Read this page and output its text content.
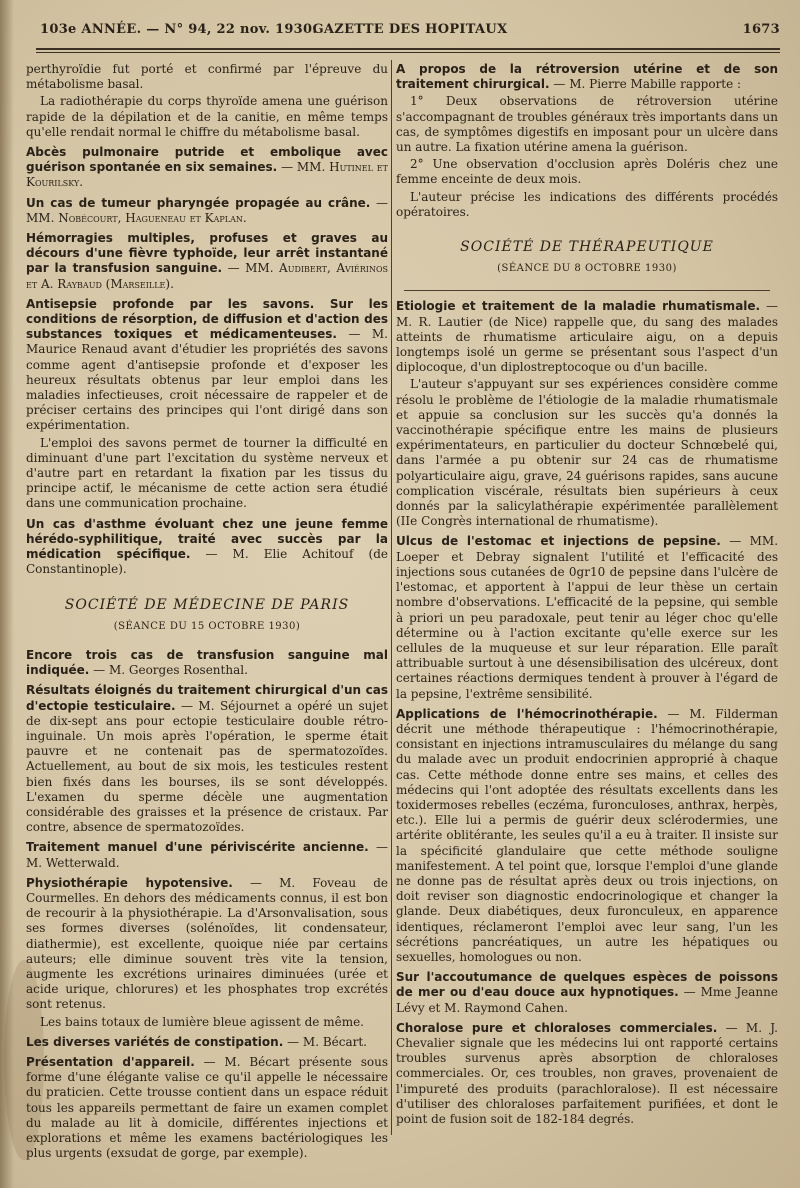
103e ANNÉE. — N° 94, 22 nov. 1930.
GAZETTE DES HOPITAUX	1673

perthyroïdie fut porté et confirmé par l'épreuve du métabolisme basal.

La radiothérapie du corps thyroïde amena une guérison rapide de la dépilation et de la canitie, en même temps qu'elle rendait normal le chiffre du métabolisme basal.

Abcès pulmonaire putride et embolique avec guérison spontanée en six semaines. — MM. Hutinel et Kourilsky.

Un cas de tumeur pharyngée propagée au crâne. — MM. Nobécourt, Hagueneau et Kaplan.

Hémorragies multiples, profuses et graves au décours d'une fièvre typhoïde, leur arrêt instantané par la transfusion sanguine. — MM. Audibert, Aviérinos et A. Raybaud (Marseille).

Antisepsie profonde par les savons. Sur les conditions de résorption, de diffusion et d'action des substances toxiques et médicamenteuses. — M. Maurice Renaud avant d'étudier les propriétés des savons comme agent d'antisepsie profonde et d'exposer les heureux résultats obtenus par leur emploi dans les maladies infectieuses, croit nécessaire de rappeler et de préciser certains des principes qui l'ont dirigé dans son expérimentation.

L'emploi des savons permet de tourner la difficulté en diminuant d'une part l'excitation du système nerveux et d'autre part en retardant la fixation par les tissus du principe actif, le mécanisme de cette action sera étudié dans une communication prochaine.

Un cas d'asthme évoluant chez une jeune femme hérédo-syphilitique, traité avec succès par la médication spécifique. — M. Elie Achitouf (de Constantinople).

SOCIÉTÉ DE MÉDECINE DE PARIS
(SÉANCE DU 15 OCTOBRE 1930)

Encore trois cas de transfusion sanguine mal indiquée. — M. Georges Rosenthal.

Résultats éloignés du traitement chirurgical d'un cas d'ectopie testiculaire. — M. Séjournet a opéré un sujet de dix-sept ans pour ectopie testiculaire double rétro-inguinale. Un mois après l'opération, le sperme était pauvre et ne contenait pas de spermatozoïdes. Actuellement, au bout de six mois, les testicules restent bien fixés dans les bourses, ils se sont développés. L'examen du sperme décèle une augmentation considérable des graisses et la présence de cristaux. Par contre, absence de spermatozoïdes.

Traitement manuel d'une périviscérite ancienne. — M. Wetterwald.

Physiothérapie hypotensive. — M. Foveau de Courmelles. En dehors des médicaments connus, il est bon de recourir à la physiothérapie. La d'Arsonvalisation, sous ses formes diverses (solénoïdes, lit condensateur, diathermie), est excellente, quoique niée par certains auteurs; elle diminue souvent très vite la tension, augmente les excrétions urinaires diminuées (urée et acide urique, chlorures) et les phosphates trop excrétés sont retenus.

Les bains totaux de lumière bleue agissent de même.

Les diverses variétés de constipation. — M. Bécart.

Présentation d'appareil. — M. Bécart présente sous forme d'une élégante valise ce qu'il appelle le nécessaire du praticien. Cette trousse contient dans un espace réduit tous les appareils permettant de faire un examen complet du malade au lit à domicile, différentes injections et explorations et même les examens bactériologiques les plus urgents (exsudat de gorge, par exemple).

A propos de la rétroversion utérine et de son traitement chirurgical. — M. Pierre Mabille rapporte :

1° Deux observations de rétroversion utérine s'accompagnant de troubles généraux très importants dans un cas, de symptômes digestifs en imposant pour un ulcère dans un autre. La fixation utérine amena la guérison.

2° Une observation d'occlusion après Doléris chez une femme enceinte de deux mois.

L'auteur précise les indications des différents procédés opératoires.

SOCIÉTÉ DE THÉRAPEUTIQUE
(SÉANCE DU 8 OCTOBRE 1930)

Etiologie et traitement de la maladie rhumatismale. — M. R. Lautier (de Nice) rappelle que, du sang des malades atteints de rhumatisme articulaire aigu, on a depuis longtemps isolé un germe se présentant sous l'aspect d'un diplocoque, d'un diplostreptocoque ou d'un bacille.

L'auteur s'appuyant sur ses expériences considère comme résolu le problème de l'étiologie de la maladie rhumatismale et appuie sa conclusion sur les succès qu'a donnés la vaccinothérapie spécifique entre les mains de plusieurs expérimentateurs, en particulier du docteur Schnœbelé qui, dans l'armée a pu obtenir sur 24 cas de rhumatisme polyarticulaire aigu, grave, 24 guérisons rapides, sans aucune complication viscérale, résultats bien supérieurs à ceux donnés par la salicylathérapie expérimentée parallèlement (IIe Congrès international de rhumatisme).

Ulcus de l'estomac et injections de pepsine. — MM. Loeper et Debray signalent l'utilité et l'efficacité des injections sous cutanées de 0gr10 de pepsine dans l'ulcère de l'estomac, et apportent à l'appui de leur thèse un certain nombre d'observations. L'efficacité de la pepsine, qui semble à priori un peu paradoxale, peut tenir au léger choc qu'elle détermine ou à l'action excitante qu'elle exerce sur les cellules de la muqueuse et sur leur réparation. Elle paraît attribuable surtout à une désensibilisation des ulcéreux, dont certaines réactions dermiques tendent à prouver à l'égard de la pepsine, l'extrême sensibilité.

Applications de l'hémocrinothérapie. — M. Filderman décrit une méthode thérapeutique : l'hémocrinothérapie, consistant en injections intramusculaires du mélange du sang du malade avec un produit endocrinien approprié à chaque cas. Cette méthode donne entre ses mains, et celles des médecins qui l'ont adoptée des résultats excellents dans les toxidermoses rebelles (eczéma, furonculoses, anthrax, herpès, etc.). Elle lui a permis de guérir deux sclérodermies, une artérite oblitérante, les seules qu'il a eu à traiter. Il insiste sur la spécificité glandulaire que cette méthode souligne manifestement. A tel point que, lorsque l'emploi d'une glande ne donne pas de résultat après deux ou trois injections, on doit reviser son diagnostic endocrinologique et changer la glande. Deux diabétiques, deux furonculeux, en apparence identiques, réclameront l'emploi avec leur sang, l'un les sécrétions pancréatiques, un autre les hépatiques ou sexuelles, homologues ou non.

Sur l'accoutumance de quelques espèces de poissons de mer ou d'eau douce aux hypnotiques. — Mme Jeanne Lévy et M. Raymond Cahen.

Choralose pure et chloraloses commerciales. — M. J. Chevalier signale que les médecins lui ont rapporté certains troubles survenus après absorption de chloraloses commerciales. Or, ces troubles, non graves, provenaient de l'impureté des produits (parachloralose). Il est nécessaire d'utiliser des chloraloses parfaitement purifiées, et dont le point de fusion soit de 182-184 degrés.
